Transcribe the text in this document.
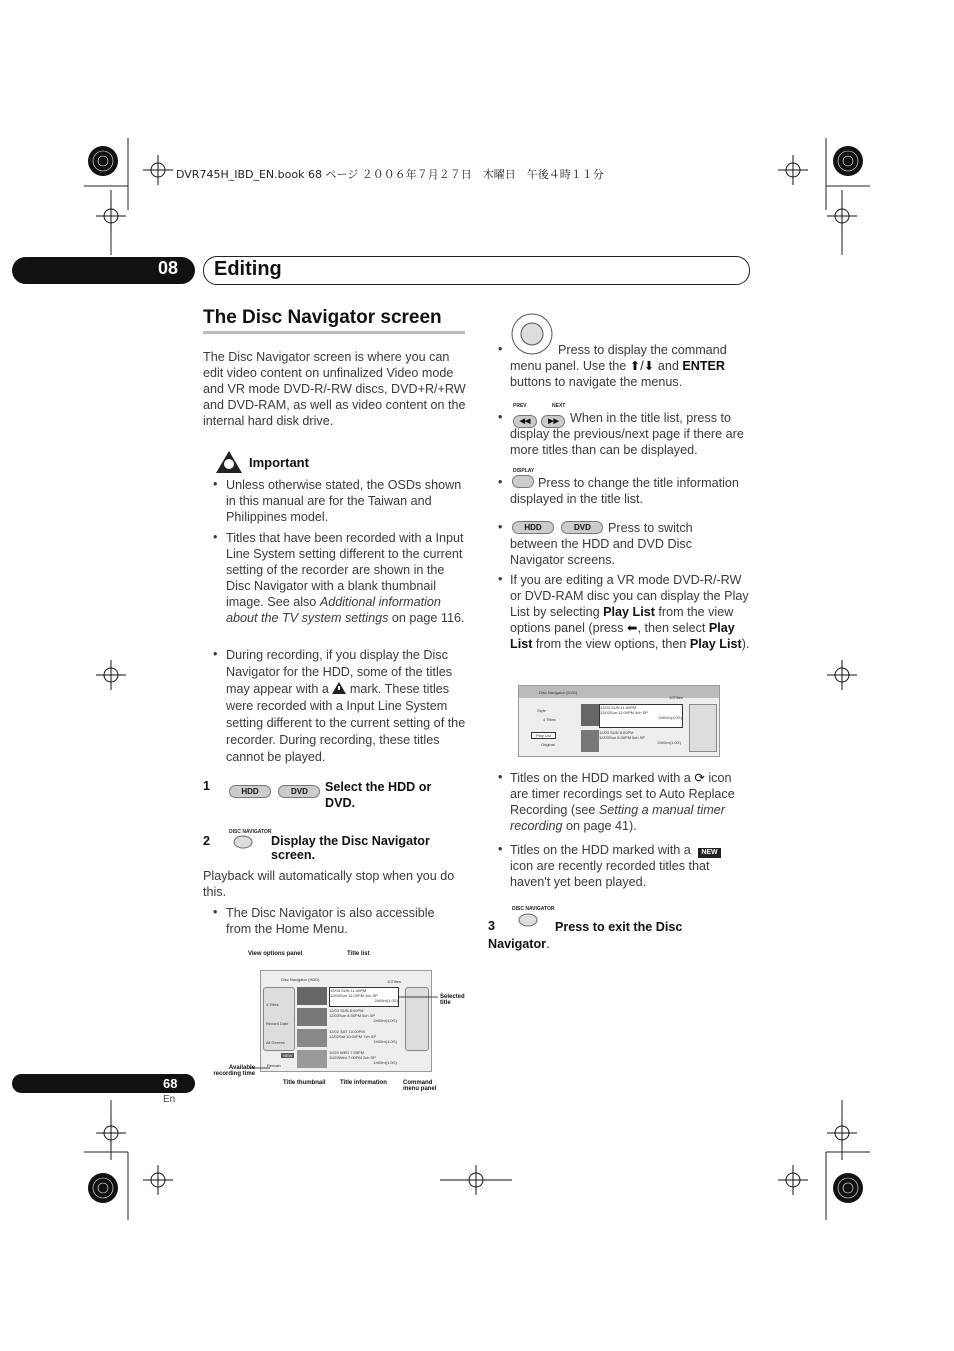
DVR745H_IBD_EN.book 68 ページ ２００６年７月２７日　木曜日　午後４時１１分
08 Editing
The Disc Navigator screen
The Disc Navigator screen is where you can edit video content on unfinalized Video mode and VR mode DVD-R/-RW discs, DVD+R/+RW and DVD-RAM, as well as video content on the internal hard disk drive.
Important
• Unless otherwise stated, the OSDs shown in this manual are for the Taiwan and Philippines model.
• Titles that have been recorded with a Input Line System setting different to the current setting of the recorder are shown in the Disc Navigator with a blank thumbnail image. See also Additional information about the TV system settings on page 116.
• During recording, if you display the Disc Navigator for the HDD, some of the titles may appear with a mark. These titles were recorded with a Input Line System setting different to the current setting of the recorder. During recording, these titles cannot be played.
1	HDD	DVD	Select the HDD or DVD.
DISC NAVIGATOR
2	Display the Disc Navigator screen.
Playback will automatically stop when you do this.
• The Disc Navigator is also accessible from the Home Menu.
View options panel	Title list
Disc Navigator (HDD)	10Titles
4 Titles
Record Date
All Genres
NEW
Remain
12/03 SUN 11:00PM
12/03Sun 11:00PM 4ch SP
2h00m(1.0G)
12/03 SUN 8:00PM
12/03Sun 8:00PM 5ch SP
2h00m(1.0G)
12/02 SAT 10:00PM
12/02Sat 10:00PM 7ch SP
1h00m(1.0G)
11/29 WED 7:00PM
11/29Wed 7:00PM 2ch SP
1h00m(1.0G)
Selected title
Available recording time
Title thumbnail Title information	Command menu panel
•	Press to display the command menu panel. Use the ⬆/⬇ and ENTER buttons to navigate the menus.
PREV	NEXT
◀◀	▶▶
•	When in the title list, press to display the previous/next page if there are more titles than can be displayed.
DISPLAY
•	Press to change the title information displayed in the title list.
HDD	DVD
•	Press to switch between the HDD and DVD Disc Navigator screens.
• If you are editing a VR mode DVD-R/-RW or DVD-RAM disc you can display the Play List by selecting Play List from the view options panel (press ⬅, then select Play List from the view options, then Play List).
Disc Navigator (DVD)
10Titles
Style
4 Titles
Play List
Original
12/03 SUN 11:00PM
12/03Sun 11:00PM 4ch SP
2h00m(1.0G)
12/03 SUN 8:00PM
12/03Sun 8:00PM 5ch SP
2h00m(1.0G)
• Titles on the HDD marked with a ⟳ icon are timer recordings set to Auto Replace Recording (see Setting a manual timer recording on page 41).
• Titles on the HDD marked with a NEW icon are recently recorded titles that haven't yet been played.
DISC NAVIGATOR
3	Press to exit the Disc Navigator.
68
En
